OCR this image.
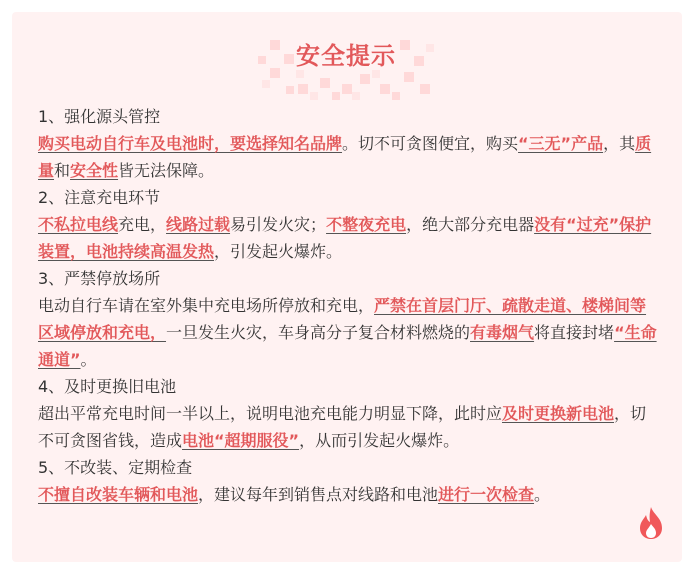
安全提示

1、强化源头管控

购买电动自行车及电池时，要选择知名品牌。切不可贪图便宜，购买“三无”产品，其质量和安全性皆无法保障。

2、注意充电环节

不私拉电线充电，线路过载易引发火灾；不整夜充电，绝大部分充电器没有“过充”保护装置，电池持续高温发热，引发起火爆炸。

3、严禁停放场所

电动自行车请在室外集中充电场所停放和充电，严禁在首层门厅、疏散走道、楼梯间等区域停放和充电，一旦发生火灾，车身高分子复合材料燃烧的有毒烟气将直接封堵“生命通道”。

4、及时更换旧电池

超出平常充电时间一半以上，说明电池充电能力明显下降，此时应及时更换新电池，切不可贪图省钱，造成电池“超期服役”，从而引发起火爆炸。

5、不改装、定期检查

不擅自改装车辆和电池，建议每年到销售点对线路和电池进行一次检查。
